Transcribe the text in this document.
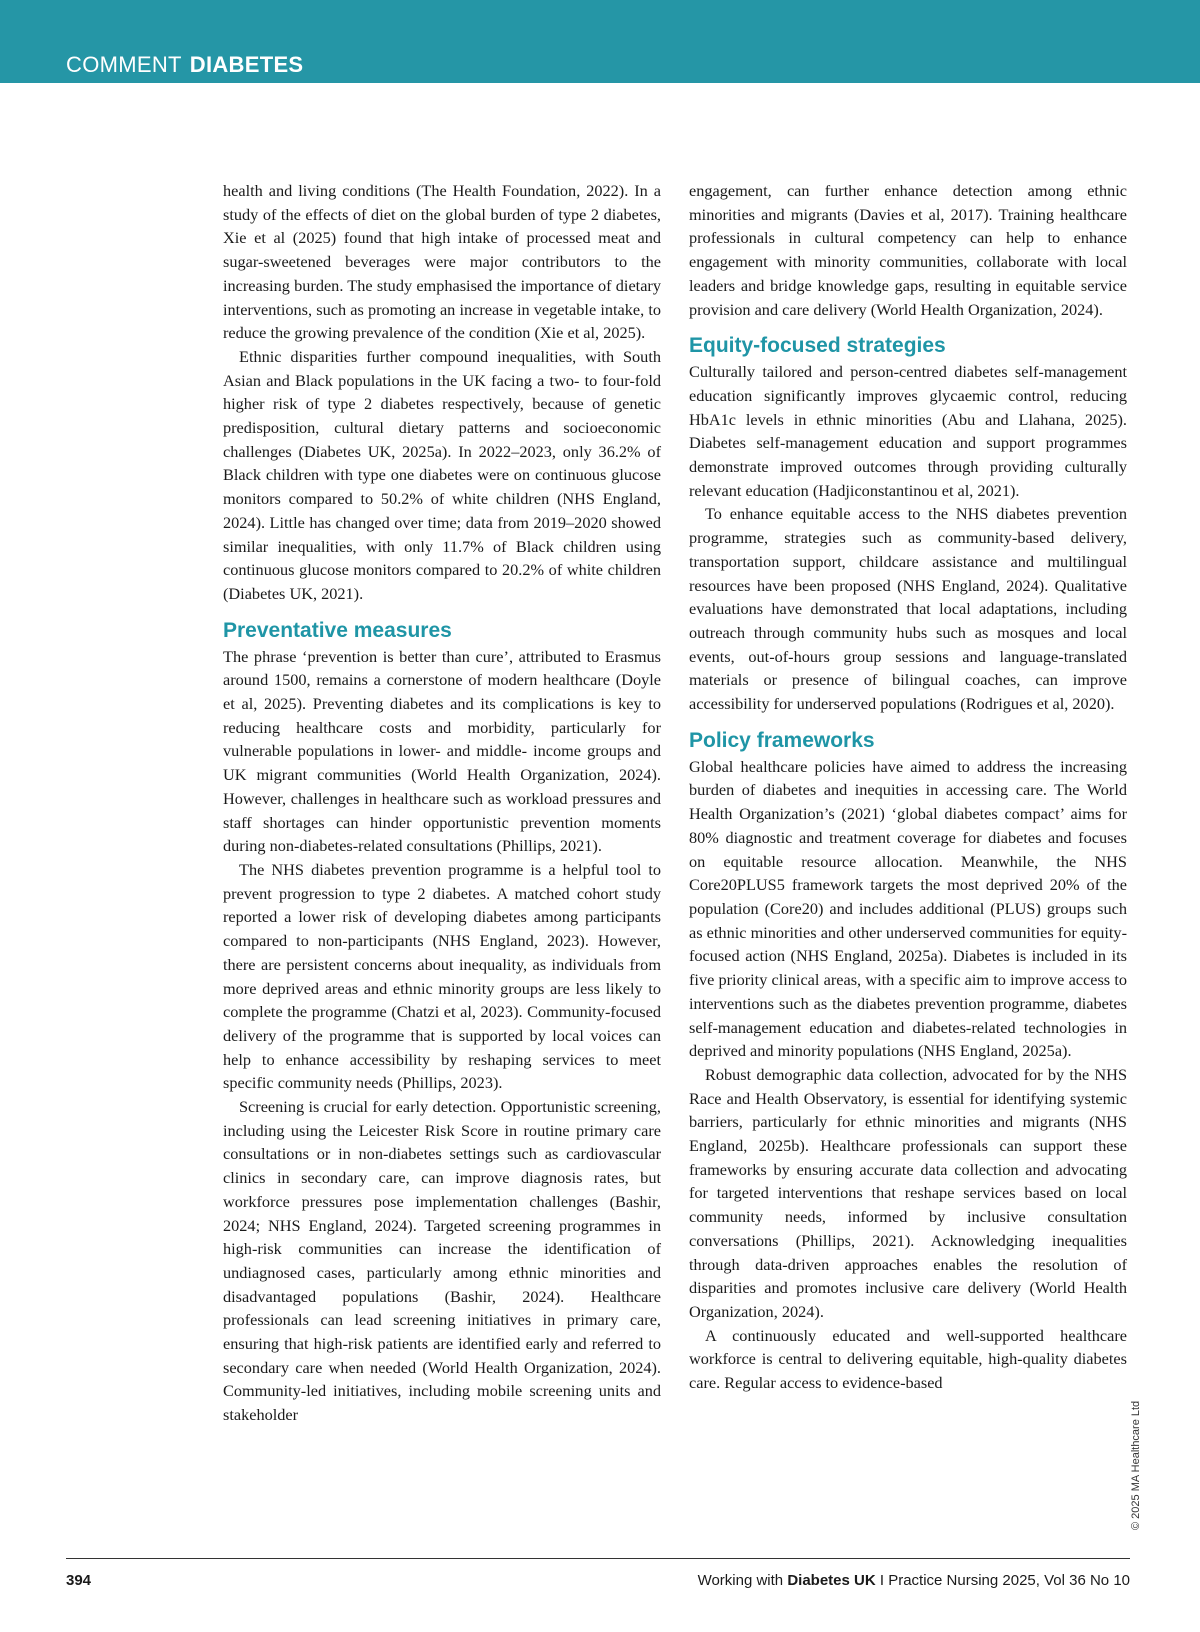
COMMENT DIABETES

health and living conditions (The Health Foundation, 2022). In a study of the effects of diet on the global burden of type 2 diabetes, Xie et al (2025) found that high intake of processed meat and sugar-sweetened beverages were major contributors to the increasing burden. The study emphasised the importance of dietary interventions, such as promoting an increase in vegetable intake, to reduce the growing prevalence of the condition (Xie et al, 2025).

Ethnic disparities further compound inequalities, with South Asian and Black populations in the UK facing a two- to four-fold higher risk of type 2 diabetes respectively, because of genetic predisposition, cultural dietary patterns and socioeconomic challenges (Diabetes UK, 2025a). In 2022–2023, only 36.2% of Black children with type one diabetes were on continuous glucose monitors compared to 50.2% of white children (NHS England, 2024). Little has changed over time; data from 2019–2020 showed similar inequalities, with only 11.7% of Black children using continuous glucose monitors compared to 20.2% of white children (Diabetes UK, 2021).

Preventative measures

The phrase ‘prevention is better than cure’, attributed to Erasmus around 1500, remains a cornerstone of modern healthcare (Doyle et al, 2025). Preventing diabetes and its complications is key to reducing healthcare costs and morbidity, particularly for vulnerable populations in lower- and middle- income groups and UK migrant communities (World Health Organization, 2024). However, challenges in healthcare such as workload pressures and staff shortages can hinder opportunistic prevention moments during non-diabetes-related consultations (Phillips, 2021).

The NHS diabetes prevention programme is a helpful tool to prevent progression to type 2 diabetes. A matched cohort study reported a lower risk of developing diabetes among participants compared to non-participants (NHS England, 2023). However, there are persistent concerns about inequality, as individuals from more deprived areas and ethnic minority groups are less likely to complete the programme (Chatzi et al, 2023). Community-focused delivery of the programme that is supported by local voices can help to enhance accessibility by reshaping services to meet specific community needs (Phillips, 2023).

Screening is crucial for early detection. Opportunistic screening, including using the Leicester Risk Score in routine primary care consultations or in non-diabetes settings such as cardiovascular clinics in secondary care, can improve diagnosis rates, but workforce pressures pose implementation challenges (Bashir, 2024; NHS England, 2024). Targeted screening programmes in high-risk communities can increase the identification of undiagnosed cases, particularly among ethnic minorities and disadvantaged populations (Bashir, 2024). Healthcare professionals can lead screening initiatives in primary care, ensuring that high-risk patients are identified early and referred to secondary care when needed (World Health Organization, 2024). Community-led initiatives, including mobile screening units and stakeholder

engagement, can further enhance detection among ethnic minorities and migrants (Davies et al, 2017). Training healthcare professionals in cultural competency can help to enhance engagement with minority communities, collaborate with local leaders and bridge knowledge gaps, resulting in equitable service provision and care delivery (World Health Organization, 2024).

Equity-focused strategies

Culturally tailored and person-centred diabetes self-management education significantly improves glycaemic control, reducing HbA1c levels in ethnic minorities (Abu and Llahana, 2025). Diabetes self-management education and support programmes demonstrate improved outcomes through providing culturally relevant education (Hadjiconstantinou et al, 2021).

To enhance equitable access to the NHS diabetes prevention programme, strategies such as community-based delivery, transportation support, childcare assistance and multilingual resources have been proposed (NHS England, 2024). Qualitative evaluations have demonstrated that local adaptations, including outreach through community hubs such as mosques and local events, out-of-hours group sessions and language-translated materials or presence of bilingual coaches, can improve accessibility for underserved populations (Rodrigues et al, 2020).

Policy frameworks

Global healthcare policies have aimed to address the increasing burden of diabetes and inequities in accessing care. The World Health Organization’s (2021) ‘global diabetes compact’ aims for 80% diagnostic and treatment coverage for diabetes and focuses on equitable resource allocation. Meanwhile, the NHS Core20PLUS5 framework targets the most deprived 20% of the population (Core20) and includes additional (PLUS) groups such as ethnic minorities and other underserved communities for equity-focused action (NHS England, 2025a). Diabetes is included in its five priority clinical areas, with a specific aim to improve access to interventions such as the diabetes prevention programme, diabetes self-management education and diabetes-related technologies in deprived and minority populations (NHS England, 2025a).

Robust demographic data collection, advocated for by the NHS Race and Health Observatory, is essential for identifying systemic barriers, particularly for ethnic minorities and migrants (NHS England, 2025b). Healthcare professionals can support these frameworks by ensuring accurate data collection and advocating for targeted interventions that reshape services based on local community needs, informed by inclusive consultation conversations (Phillips, 2021). Acknowledging inequalities through data-driven approaches enables the resolution of disparities and promotes inclusive care delivery (World Health Organization, 2024).

A continuously educated and well-supported healthcare workforce is central to delivering equitable, high-quality diabetes care. Regular access to evidence-based

© 2025 MA Healthcare Ltd
394	Working with Diabetes UK I Practice Nursing 2025, Vol 36 No 10
